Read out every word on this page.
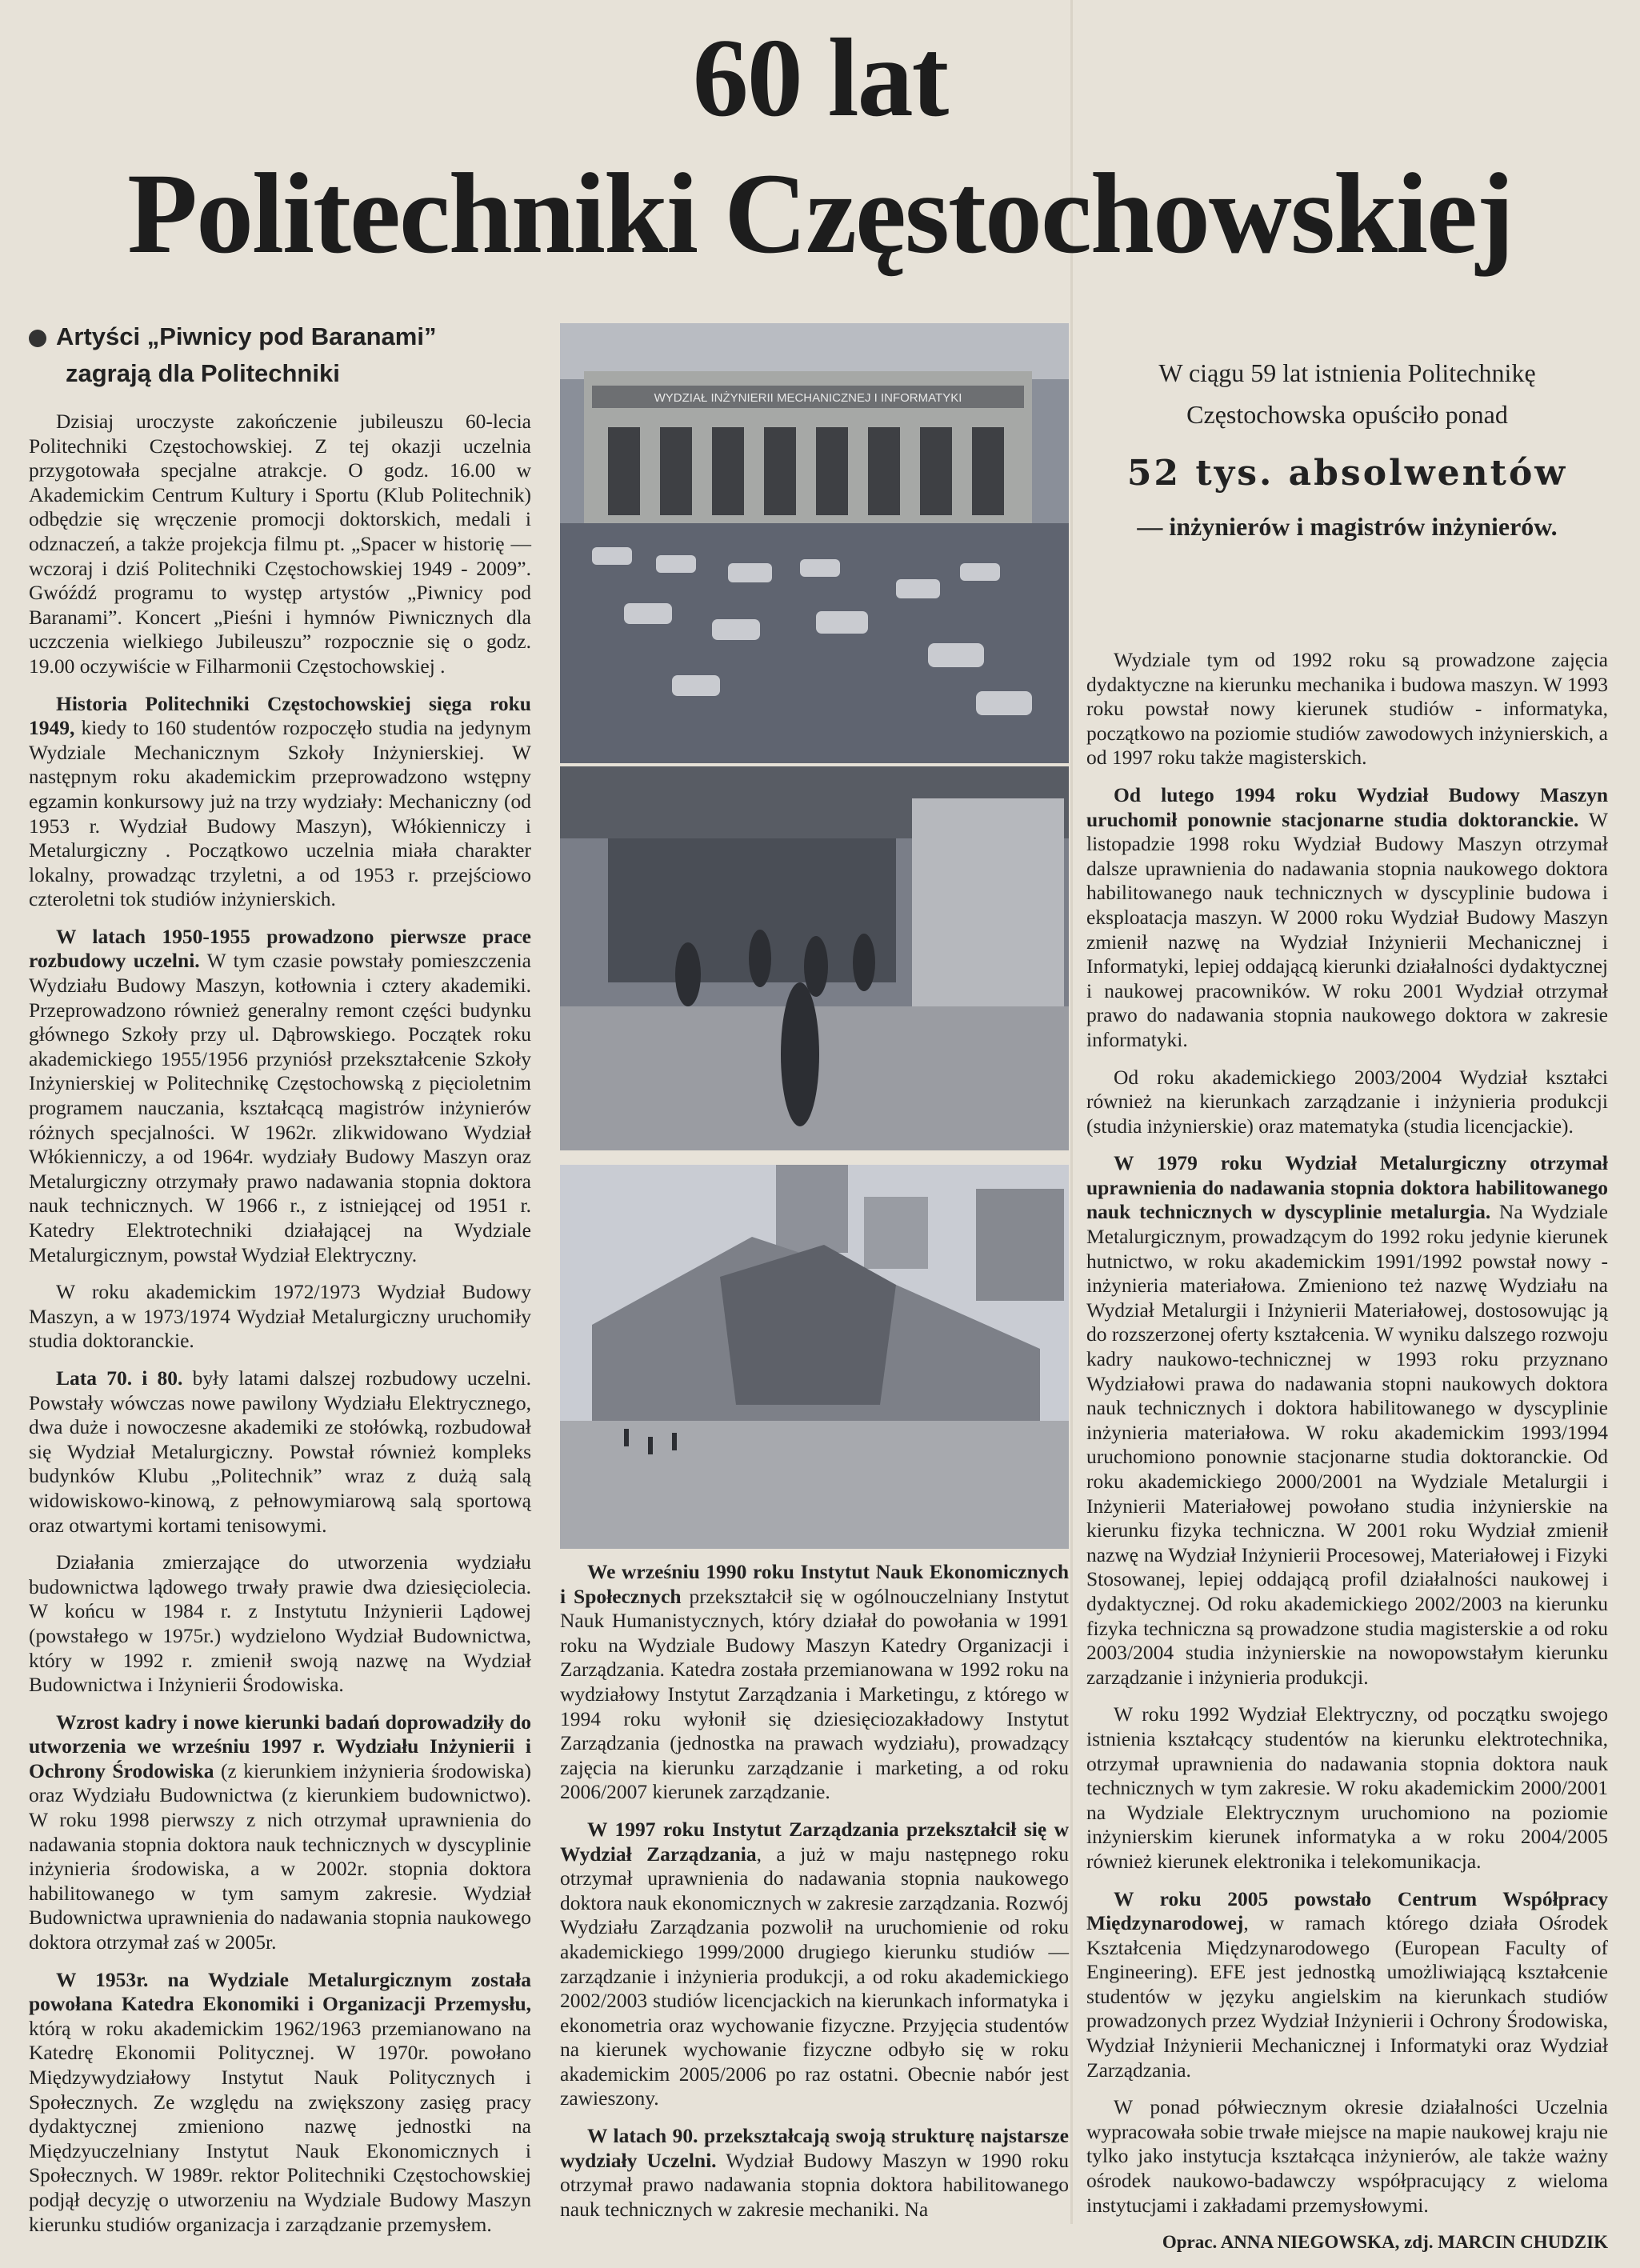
60 lat
Politechniki Częstochowskiej
Artyści „Piwnicy pod Baranami”
zagrają dla Politechniki

Dzisiaj uroczyste zakończenie jubileuszu 60-lecia Politechniki Częstochowskiej. Z tej okazji uczelnia przygotowała specjalne atrakcje. O godz. 16.00 w Akademickim Centrum Kultury i Sportu (Klub Politechnik) odbędzie się wręczenie promocji doktorskich, medali i odznaczeń, a także projekcja filmu pt. „Spacer w historię — wczoraj i dziś Politechniki Częstochowskiej 1949 - 2009”. Gwóźdź programu to występ artystów „Piwnicy pod Baranami”. Koncert „Pieśni i hymnów Piwnicznych dla uczczenia wielkiego Jubileuszu” rozpocznie się o godz. 19.00 oczywiście w Filharmonii Częstochowskiej .

Historia Politechniki Częstochowskiej sięga roku 1949, kiedy to 160 studentów rozpoczęło studia na jedynym Wydziale Mechanicznym Szkoły Inżynierskiej. W następnym roku akademickim przeprowadzono wstępny egzamin konkursowy już na trzy wydziały: Mechaniczny (od 1953 r. Wydział Budowy Maszyn), Włókienniczy i Metalurgiczny . Początkowo uczelnia miała charakter lokalny, prowadząc trzyletni, a od 1953 r. przejściowo czteroletni tok studiów inżynierskich.

W latach 1950-1955 prowadzono pierwsze prace rozbudowy uczelni. W tym czasie powstały pomieszczenia Wydziału Budowy Maszyn, kotłownia i cztery akademiki. Przeprowadzono również generalny remont części budynku głównego Szkoły przy ul. Dąbrowskiego. Początek roku akademickiego 1955/1956 przyniósł przekształcenie Szkoły Inżynierskiej w Politechnikę Częstochowską z pięcioletnim programem nauczania, kształcącą magistrów inżynierów różnych specjalności. W 1962r. zlikwidowano Wydział Włókienniczy, a od 1964r. wydziały Budowy Maszyn oraz Metalurgiczny otrzymały prawo nadawania stopnia doktora nauk technicznych. W 1966 r., z istniejącej od 1951 r. Katedry Elektrotechniki działającej na Wydziale Metalurgicznym, powstał Wydział Elektryczny.

W roku akademickim 1972/1973 Wydział Budowy Maszyn, a w 1973/1974 Wydział Metalurgiczny uruchomiły studia doktoranckie.

Lata 70. i 80. były latami dalszej rozbudowy uczelni. Powstały wówczas nowe pawilony Wydziału Elektrycznego, dwa duże i nowoczesne akademiki ze stołówką, rozbudował się Wydział Metalurgiczny. Powstał również kompleks budynków Klubu „Politechnik” wraz z dużą salą widowiskowo-kinową, z pełnowymiarową salą sportową oraz otwartymi kortami tenisowymi.

Działania zmierzające do utworzenia wydziału budownictwa lądowego trwały prawie dwa dziesięciolecia. W końcu w 1984 r. z Instytutu Inżynierii Lądowej (powstałego w 1975r.) wydzielono Wydział Budownictwa, który w 1992 r. zmienił swoją nazwę na Wydział Budownictwa i Inżynierii Środowiska.

Wzrost kadry i nowe kierunki badań doprowadziły do utworzenia we wrześniu 1997 r. Wydziału Inżynierii i Ochrony Środowiska (z kierunkiem inżynieria środowiska) oraz Wydziału Budownictwa (z kierunkiem budownictwo). W roku 1998 pierwszy z nich otrzymał uprawnienia do nadawania stopnia doktora nauk technicznych w dyscyplinie inżynieria środowiska, a w 2002r. stopnia doktora habilitowanego w tym samym zakresie. Wydział Budownictwa uprawnienia do nadawania stopnia naukowego doktora otrzymał zaś w 2005r.

W 1953r. na Wydziale Metalurgicznym została powołana Katedra Ekonomiki i Organizacji Przemysłu, którą w roku akademickim 1962/1963 przemianowano na Katedrę Ekonomii Politycznej. W 1970r. powołano Międzywydziałowy Instytut Nauk Politycznych i Społecznych. Ze względu na zwiększony zasięg pracy dydaktycznej zmieniono nazwę jednostki na Międzyuczelniany Instytut Nauk Ekonomicznych i Społecznych. W 1989r. rektor Politechniki Częstochowskiej podjął decyzję o utworzeniu na Wydziale Budowy Maszyn kierunku studiów organizacja i zarządzanie przemysłem.

WYDZIAŁ INŻYNIERII MECHANICZNEJ I INFORMATYKI

We wrześniu 1990 roku Instytut Nauk Ekonomicznych i Społecznych przekształcił się w ogólnouczelniany Instytut Nauk Humanistycznych, który działał do powołania w 1991 roku na Wydziale Budowy Maszyn Katedry Organizacji i Zarządzania. Katedra została przemianowana w 1992 roku na wydziałowy Instytut Zarządzania i Marketingu, z którego w 1994 roku wyłonił się dziesięciozakładowy Instytut Zarządzania (jednostka na prawach wydziału), prowadzący zajęcia na kierunku zarządzanie i marketing, a od roku 2006/2007 kierunek zarządzanie.

W 1997 roku Instytut Zarządzania przekształcił się w Wydział Zarządzania, a już w maju następnego roku otrzymał uprawnienia do nadawania stopnia naukowego doktora nauk ekonomicznych w zakresie zarządzania. Rozwój Wydziału Zarządzania pozwolił na uruchomienie od roku akademickiego 1999/2000 drugiego kierunku studiów — zarządzanie i inżynieria produkcji, a od roku akademickiego 2002/2003 studiów licencjackich na kierunkach informatyka i ekonometria oraz wychowanie fizyczne. Przyjęcia studentów na kierunek wychowanie fizyczne odbyło się w roku akademickim 2005/2006 po raz ostatni. Obecnie nabór jest zawieszony.

W latach 90. przekształcają swoją strukturę najstarsze wydziały Uczelni. Wydział Budowy Maszyn w 1990 roku otrzymał prawo nadawania stopnia doktora habilitowanego nauk technicznych w zakresie mechaniki. Na

W ciągu 59 lat istnienia Politechnikę Częstochowska opuściło ponad
52 tys. absolwentów
— inżynierów i magistrów inżynierów.

Wydziale tym od 1992 roku są prowadzone zajęcia dydaktyczne na kierunku mechanika i budowa maszyn. W 1993 roku powstał nowy kierunek studiów - informatyka, początkowo na poziomie studiów zawodowych inżynierskich, a od 1997 roku także magisterskich.

Od lutego 1994 roku Wydział Budowy Maszyn uruchomił ponownie stacjonarne studia doktoranckie. W listopadzie 1998 roku Wydział Budowy Maszyn otrzymał dalsze uprawnienia do nadawania stopnia naukowego doktora habilitowanego nauk technicznych w dyscyplinie budowa i eksploatacja maszyn. W 2000 roku Wydział Budowy Maszyn zmienił nazwę na Wydział Inżynierii Mechanicznej i Informatyki, lepiej oddającą kierunki działalności dydaktycznej i naukowej pracowników. W roku 2001 Wydział otrzymał prawo do nadawania stopnia naukowego doktora w zakresie informatyki.

Od roku akademickiego 2003/2004 Wydział kształci również na kierunkach zarządzanie i inżynieria produkcji (studia inżynierskie) oraz matematyka (studia licencjackie).

W 1979 roku Wydział Metalurgiczny otrzymał uprawnienia do nadawania stopnia doktora habilitowanego nauk technicznych w dyscyplinie metalurgia. Na Wydziale Metalurgicznym, prowadzącym do 1992 roku jedynie kierunek hutnictwo, w roku akademickim 1991/1992 powstał nowy - inżynieria materiałowa. Zmieniono też nazwę Wydziału na Wydział Metalurgii i Inżynierii Materiałowej, dostosowując ją do rozszerzonej oferty kształcenia. W wyniku dalszego rozwoju kadry naukowo-technicznej w 1993 roku przyznano Wydziałowi prawa do nadawania stopni naukowych doktora nauk technicznych i doktora habilitowanego w dyscyplinie inżynieria materiałowa. W roku akademickim 1993/1994 uruchomiono ponownie stacjonarne studia doktoranckie. Od roku akademickiego 2000/2001 na Wydziale Metalurgii i Inżynierii Materiałowej powołano studia inżynierskie na kierunku fizyka techniczna. W 2001 roku Wydział zmienił nazwę na Wydział Inżynierii Procesowej, Materiałowej i Fizyki Stosowanej, lepiej oddającą profil działalności naukowej i dydaktycznej. Od roku akademickiego 2002/2003 na kierunku fizyka techniczna są prowadzone studia magisterskie a od roku 2003/2004 studia inżynierskie na nowopowstałym kierunku zarządzanie i inżynieria produkcji.

W roku 1992 Wydział Elektryczny, od początku swojego istnienia kształcący studentów na kierunku elektrotechnika, otrzymał uprawnienia do nadawania stopnia doktora nauk technicznych w tym zakresie. W roku akademickim 2000/2001 na Wydziale Elektrycznym uruchomiono na poziomie inżynierskim kierunek informatyka a w roku 2004/2005 również kierunek elektronika i telekomunikacja.

W roku 2005 powstało Centrum Współpracy Międzynarodowej, w ramach którego działa Ośrodek Kształcenia Międzynarodowego (European Faculty of Engineering). EFE jest jednostką umożliwiającą kształcenie studentów w języku angielskim na kierunkach studiów prowadzonych przez Wydział Inżynierii i Ochrony Środowiska, Wydział Inżynierii Mechanicznej i Informatyki oraz Wydział Zarządzania.

W ponad półwiecznym okresie działalności Uczelnia wypracowała sobie trwałe miejsce na mapie naukowej kraju nie tylko jako instytucja kształcąca inżynierów, ale także ważny ośrodek naukowo-badawczy współpracujący z wieloma instytucjami i zakładami przemysłowymi.

Oprac. ANNA NIEGOWSKA, zdj. MARCIN CHUDZIK
